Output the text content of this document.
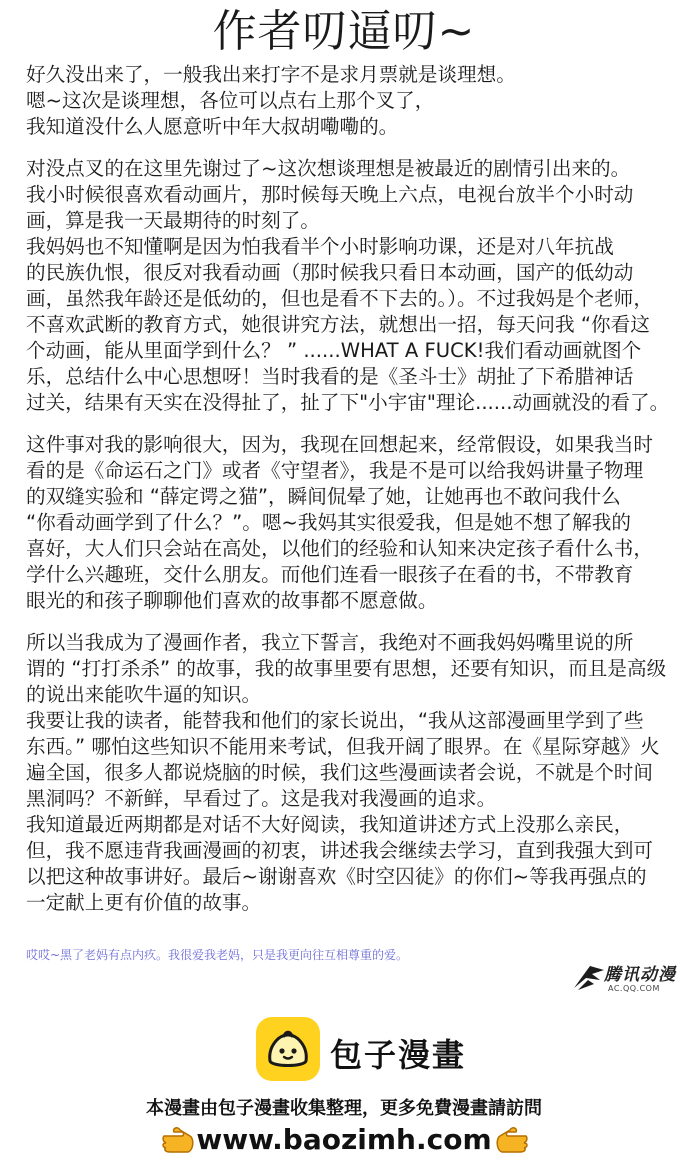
作者叨逼叨~
好久没出来了，一般我出来打字不是求月票就是谈理想。
嗯~这次是谈理想，各位可以点右上那个叉了，
我知道没什么人愿意听中年大叔胡嘞嘞的。
对没点叉的在这里先谢过了~这次想谈理想是被最近的剧情引出来的。
我小时候很喜欢看动画片，那时候每天晚上六点，电视台放半个小时动
画，算是我一天最期待的时刻了。
我妈妈也不知懂啊是因为怕我看半个小时影响功课，还是对八年抗战
的民族仇恨，很反对我看动画（那时候我只看日本动画，国产的低幼动
画，虽然我年龄还是低幼的，但也是看不下去的。）。不过我妈是个老师，
不喜欢武断的教育方式，她很讲究方法，就想出一招，每天问我 “你看这
个动画，能从里面学到什么？ ” ......WHAT A FUCK!我们看动画就图个
乐，总结什么中心思想呀！当时我看的是《圣斗士》胡扯了下希腊神话
过关，结果有天实在没得扯了，扯了下"小宇宙"理论......动画就没的看了。
这件事对我的影响很大，因为，我现在回想起来，经常假设，如果我当时
看的是《命运石之门》或者《守望者》，我是不是可以给我妈讲量子物理
的双缝实验和 “薛定谔之猫”，瞬间侃晕了她，让她再也不敢问我什么
“你看动画学到了什么？”。嗯~我妈其实很爱我，但是她不想了解我的
喜好，大人们只会站在高处，以他们的经验和认知来决定孩子看什么书，
学什么兴趣班，交什么朋友。而他们连看一眼孩子在看的书，不带教育
眼光的和孩子聊聊他们喜欢的故事都不愿意做。
所以当我成为了漫画作者，我立下誓言，我绝对不画我妈妈嘴里说的所
谓的 “打打杀杀” 的故事，我的故事里要有思想，还要有知识，而且是高级
的说出来能吹牛逼的知识。
我要让我的读者，能替我和他们的家长说出，“我从这部漫画里学到了些
东西。” 哪怕这些知识不能用来考试，但我开阔了眼界。在《星际穿越》火
遍全国，很多人都说烧脑的时候，我们这些漫画读者会说，不就是个时间
黑洞吗？不新鲜，早看过了。这是我对我漫画的追求。
我知道最近两期都是对话不大好阅读，我知道讲述方式上没那么亲民，
但，我不愿违背我画漫画的初衷，讲述我会继续去学习，直到我强大到可
以把这种故事讲好。最后~谢谢喜欢《时空囚徒》的你们~等我再强点的
一定献上更有价值的故事。
哎哎~黑了老妈有点内疚。我很爱我老妈，只是我更向往互相尊重的爱。
腾讯动漫
AC.QQ.COM
包子漫畫
本漫畫由包子漫畫收集整理，更多免費漫畫請訪問
www.baozimh.com
